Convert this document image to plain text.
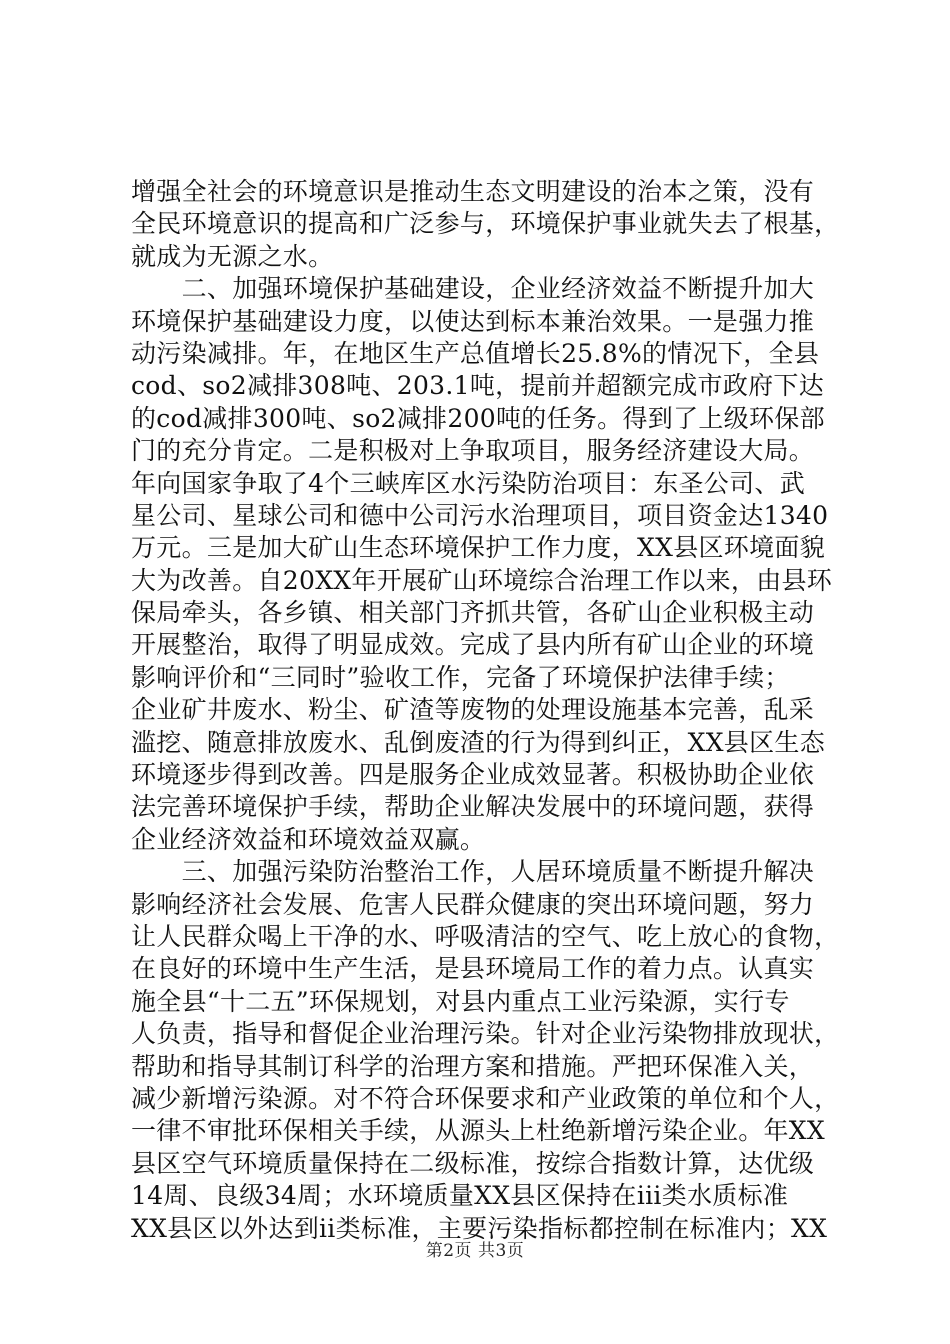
增强全社会的环境意识是推动生态文明建设的治本之策，没有
全民环境意识的提高和广泛参与，环境保护事业就失去了根基，
就成为无源之水。
　　二、加强环境保护基础建设，企业经济效益不断提升加大
环境保护基础建设力度，以使达到标本兼治效果。一是强力推
动污染减排。年，在地区生产总值增长25.8%的情况下，全县
cod、so2减排308吨、203.1吨，提前并超额完成市政府下达
的cod减排300吨、so2减排200吨的任务。得到了上级环保部
门的充分肯定。二是积极对上争取项目，服务经济建设大局。
年向国家争取了4个三峡库区水污染防治项目：东圣公司、武
星公司、星球公司和德中公司污水治理项目，项目资金达1340
万元。三是加大矿山生态环境保护工作力度，XX县区环境面貌
大为改善。自20XX年开展矿山环境综合治理工作以来，由县环
保局牵头，各乡镇、相关部门齐抓共管，各矿山企业积极主动
开展整治，取得了明显成效。完成了县内所有矿山企业的环境
影响评价和“三同时”验收工作，完备了环境保护法律手续；
企业矿井废水、粉尘、矿渣等废物的处理设施基本完善，乱采
滥挖、随意排放废水、乱倒废渣的行为得到纠正，XX县区生态
环境逐步得到改善。四是服务企业成效显著。积极协助企业依
法完善环境保护手续，帮助企业解决发展中的环境问题，获得
企业经济效益和环境效益双赢。
　　三、加强污染防治整治工作，人居环境质量不断提升解决
影响经济社会发展、危害人民群众健康的突出环境问题，努力
让人民群众喝上干净的水、呼吸清洁的空气、吃上放心的食物，
在良好的环境中生产生活，是县环境局工作的着力点。认真实
施全县“十二五”环保规划，对县内重点工业污染源，实行专
人负责，指导和督促企业治理污染。针对企业污染物排放现状，
帮助和指导其制订科学的治理方案和措施。严把环保准入关，
减少新增污染源。对不符合环保要求和产业政策的单位和个人，
一律不审批环保相关手续，从源头上杜绝新增污染企业。年XX
县区空气环境质量保持在二级标准，按综合指数计算，达优级
14周、良级34周；水环境质量XX县区保持在iii类水质标准
XX县区以外达到ii类标准，主要污染指标都控制在标准内；XX
第2页 共3页
